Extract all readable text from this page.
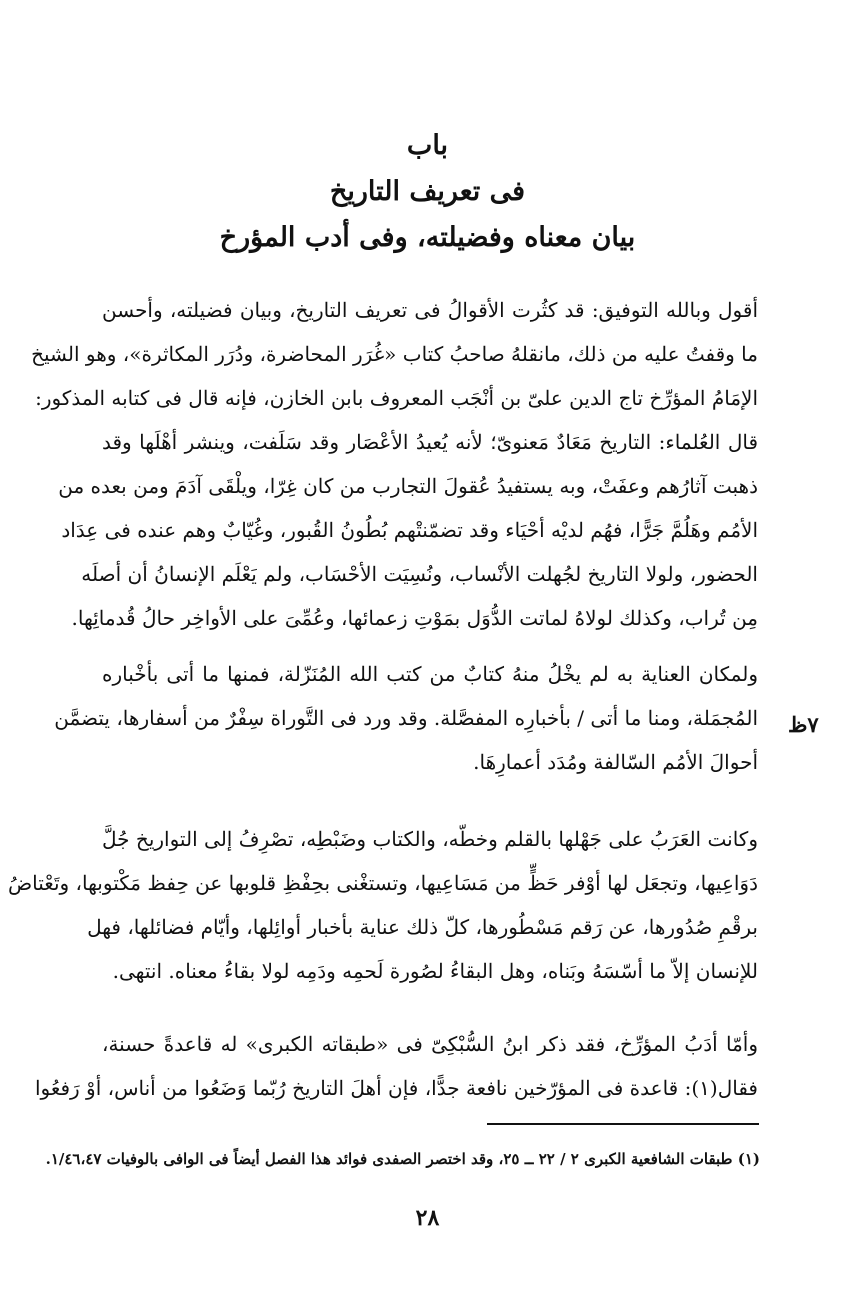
باب
فى تعريف التاريخ
بيان معناه وفضيلته، وفى أدب المؤرخ
أقول وبالله التوفيق: قد كثُرت الأقوالُ فى تعريف التاريخ، وبيان فضيلته، وأحسن
ما وقفتُ عليه من ذلك، مانقلهُ صاحبُ كتاب «غُرَر المحاضرة، ودُرَر المكاثرة»، وهو الشيخ
الإمَامُ المؤرِّخ تاج الدين علىّ بن أنْجَب المعروف بابن الخازن، فإنه قال فى كتابه المذكور:
قال العُلماء: التاريخ مَعَادٌ مَعنوىّ؛ لأنه يُعيدُ الأعْصَار وقد سَلَفت، وينشر أهْلَها وقد
ذهبت آثارُهم وعفَتْ، وبه يستفيدُ عُقولَ التجارب من كان غِرّا، ويلْقَى آدَمَ ومن بعده من
الأمُم وهَلُمَّ جَرًّا، فهُم لديْه أحْيَاء وقد تضمّنتْهم بُطُونُ القُبور، وغُيّابٌ وهم عنده فى عِدَاد
الحضور، ولولا التاريخ لجُهلت الأنْساب، ونُسِيَت الأحْسَاب، ولم يَعْلَم الإنسانُ أن أصلَه
مِن تُراب، وكذلك لولاهُ لماتت الدُّوَل بمَوْتِ زعمائها، وعُمِّىَ على الأواخِر حالُ قُدمائِها.
ولمكان العناية به لم يخْلُ منهُ كتابٌ من كتب الله المُنَزّلة، فمنها ما أتى بأخْباره
المُجمَلة، ومنا ما أتى / بأخبارِه المفصَّلة. وقد ورد فى التَّوراة سِفْرٌ من أسفارها، يتضمَّن
أحوالَ الأمُم السّالفة ومُدَد أعمارِهَا.
٧ظ
وكانت العَرَبُ على جَهْلها بالقلم وخطّه، والكتاب وضَبْطِه، تصْرِفُ إلى التواريخ جُلَّ
دَوَاعِيها، وتجعَل لها أوْفر حَظٍّ من مَسَاعِيها، وتستغْنى بحِفْظِ قلوبها عن حِفظ مَكْتوبها، وتَعْتاضُ
برقْمِ صُدُورها، عن رَقم مَسْطُورها، كلّ ذلك عناية بأخبار أوائِلها، وأيّام فضائلها، فهل
للإنسان إلاّ ما أسّسَهُ وبَناه، وهل البقاءُ لصُورة لَحمِه ودَمِه لولا بقاءُ معناه. انتهى.
وأمّا أدَبُ المؤرِّخ، فقد ذكر ابنُ السُّبْكِىّ فى «طبقاته الكبرى» له قاعدةً حسنة،
فقال(١): قاعدة فى المؤرّخين نافعة جدًّا، فإن أهلَ التاريخ رُبّما وَضَعُوا من أناس، أوْ رَفعُوا
(١) طبقات الشافعية الكبرى ٢ / ٢٢ ــ ٢٥، وقد اختصر الصفدى فوائد هذا الفصل أيضاً فى الوافى بالوفيات ١/٤٦،٤٧.
٢٨
